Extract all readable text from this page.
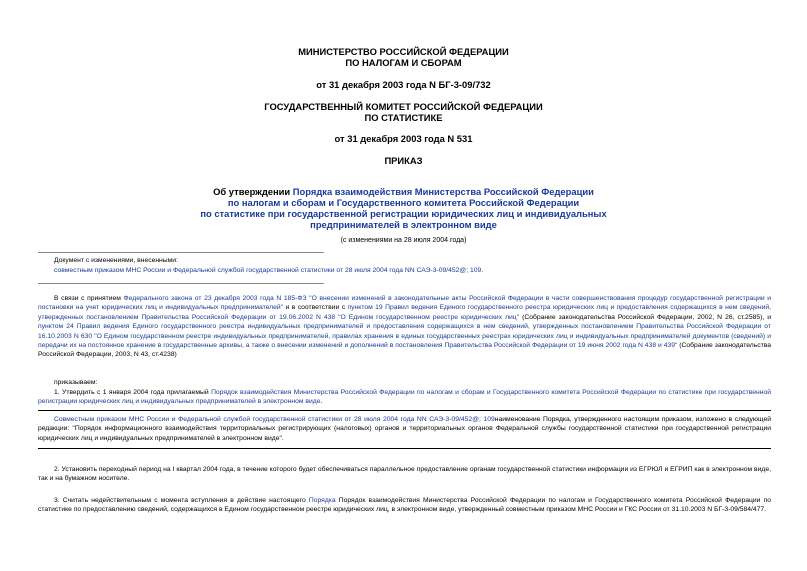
МИНИСТЕРСТВО РОССИЙСКОЙ ФЕДЕРАЦИИ
ПО НАЛОГАМ И СБОРАМ
от 31 декабря 2003 года N БГ-3-09/732
ГОСУДАРСТВЕННЫЙ КОМИТЕТ РОССИЙСКОЙ ФЕДЕРАЦИИ
ПО СТАТИСТИКЕ
от 31 декабря 2003 года N 531
ПРИКАЗ
Об утверждении Порядка взаимодействия Министерства Российской Федерации
по налогам и сборам и Государственного комитета Российской Федерации
по статистике при государственной регистрации юридических лиц и индивидуальных
предпринимателей в электронном виде
(с изменениями на 28 июля 2004 года)
Документ с изменениями, внесенными:
совместным приказом МНС России и Федеральной службой государственной статистики от 28 июля 2004 года NN САЭ-3-09/452@; 109.
В связи с принятием Федерального закона от 23 декабря 2003 года N 185-ФЗ "О внесении изменений в законодательные акты Российской Федерации в части совершенствования процедур государственной регистрации и постановки на учет юридических лиц и индивидуальных предпринимателей" и в соответствии с пунктом 19 Правил ведения Единого государственного реестра юридических лиц и предоставления содержащихся в нем сведений, утвержденных постановлением Правительства Российской Федерации от 19.06.2002 N 438 "О Едином государственном реестре юридических лиц" (Собрание законодательства Российской Федерации, 2002, N 26, ст.2585), и пунктом 24 Правил ведения Единого государственного реестра индивидуальных предпринимателей и предоставления содержащихся в нем сведений, утвержденных постановлением Правительства Российской Федерации от 16.10.2003 N 630 "О Едином государственном реестре индивидуальных предпринимателей, правилах хранения в единых государственных реестрах юридических лиц и индивидуальных предпринимателей документов (сведений) и передачи их на постоянное хранение в государственные архивы, а также о внесении изменений и дополнений в постановления Правительства Российской Федерации от 19 июня 2002 года N 438 и 439" (Собрание законодательства Российской Федерации, 2003, N 43, ст.4238)
приказываем:
1. Утвердить с 1 января 2004 года прилагаемый Порядок взаимодействия Министерства Российской Федерации по налогам и сборам и Государственного комитета Российской Федерации по статистике при государственной регистрации юридических лиц и индивидуальных предпринимателей в электронном виде.
Совместным приказом МНС России и Федеральной службой государственной статистики от 28 июля 2004 года NN САЭ-3-09/452@; 109наименование Порядка, утвержденного настоящим приказом, изложено в следующей редакции: "Порядок информационного взаимодействия территориальных регистрирующих (налоговых) органов и территориальных органов Федеральной службы государственной статистики при государственной регистрации юридических лиц и индивидуальных предпринимателей в электронном виде".
2. Установить переходный период на I квартал 2004 года, в течение которого будет обеспечиваться параллельное предоставление органам государственной статистики информации из ЕГРЮЛ и ЕГРИП как в электронном виде, так и на бумажном носителе.
3. Считать недействительным с момента вступления в действие настоящего Порядка Порядок взаимодействия Министерства Российской Федерации по налогам и Государственного комитета Российской Федерации по статистике по предоставлению сведений, содержащихся в Едином государственном реестре юридических лиц, в электронном виде, утвержденный совместным приказом МНС России и ГКС России от 31.10.2003 N БГ-3-09/584/477.
